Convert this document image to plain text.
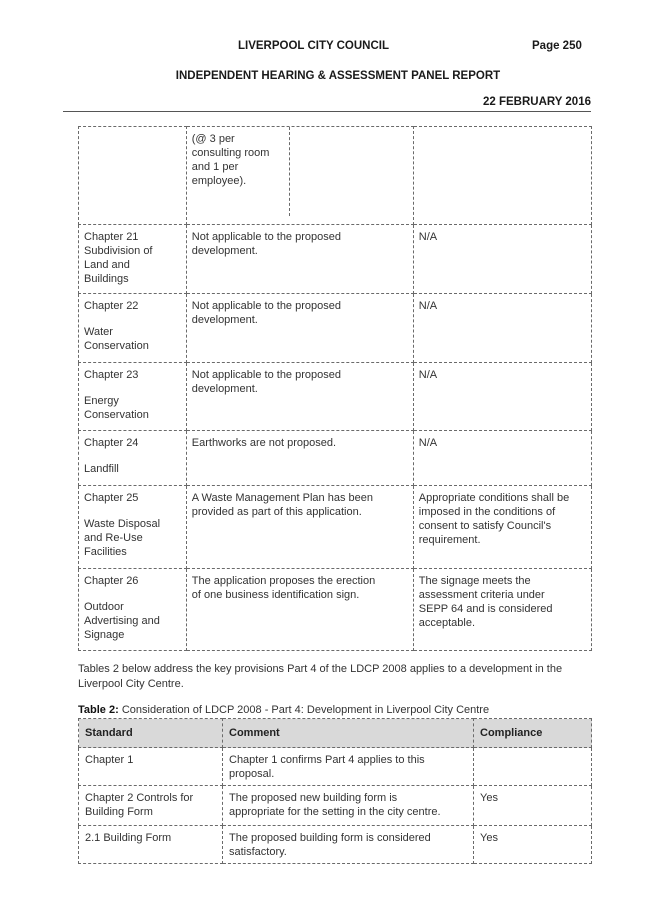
LIVERPOOL CITY COUNCIL	Page 250
INDEPENDENT HEARING & ASSESSMENT PANEL REPORT
22 FEBRUARY 2016

(@ 3 per
consulting room
and 1 per
employee).	

Chapter 21
Subdivision of
Land and
Buildings	Not applicable to the proposed
development.	N/A
Chapter 22
Water
Conservation	Not applicable to the proposed
development.	N/A
Chapter 23
Energy
Conservation	Not applicable to the proposed
development.	N/A
Chapter 24
Landfill	Earthworks are not proposed.	N/A
Chapter 25
Waste Disposal
and Re-Use
Facilities	A Waste Management Plan has been
provided as part of this application.	Appropriate conditions shall be
imposed in the conditions of
consent to satisfy Council's
requirement.
Chapter 26
Outdoor
Advertising and
Signage	The application proposes the erection
of one business identification sign.	The signage meets the
assessment criteria under
SEPP 64 and is considered
acceptable.
Tables 2 below address the key provisions Part 4 of the LDCP 2008 applies to a development in the Liverpool City Centre.
Table 2: Consideration of LDCP 2008 - Part 4: Development in Liverpool City Centre
Standard	Comment	Compliance
Chapter 1	Chapter 1 confirms Part 4 applies to this
proposal.	

Chapter 2 Controls for
Building Form	The proposed new building form is
appropriate for the setting in the city centre.	Yes
2.1 Building Form	The proposed building form is considered
satisfactory.	Yes
